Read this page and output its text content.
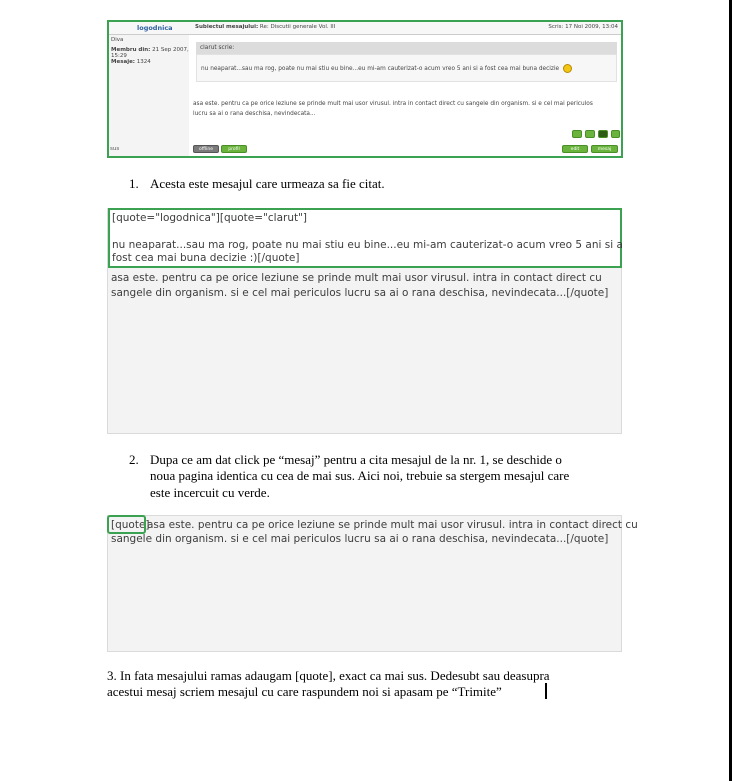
logodnica
Diva
Membru din: 21 Sep 2007, 15:29
Mesaje: 1324
Subiectul mesajului: Re: Discutii generale Vol. III	Scris: 17 Noi 2009, 13:04
clarut scrie:
nu neaparat...sau ma rog, poate nu mai stiu eu bine...eu mi-am cauterizat-o acum vreo 5 ani si a fost cea mai buna decizie
asa este. pentru ca pe orice leziune se prinde mult mai usor virusul. intra in contact direct cu sangele din organism. si e cel mai periculos
lucru sa ai o rana deschisa, nevindecata...
sus	offline	profil	edit	mesaj
1. Acesta este mesajul care urmeaza sa fie citat.
asa este. pentru ca pe orice leziune se prinde mult mai usor virusul. intra in contact direct cu
sangele din organism. si e cel mai periculos lucru sa ai o rana deschisa, nevindecata...[/quote]
[quote="logodnica"][quote="clarut"]
nu neaparat...sau ma rog, poate nu mai stiu eu bine...eu mi-am cauterizat-o acum vreo 5 ani si a
fost cea mai buna decizie :)[/quote]
2. Dupa ce am dat click pe “mesaj” pentru a cita mesajul de la nr. 1, se deschide o
noua pagina identica cu cea de mai sus. Aici noi, trebuie sa stergem mesajul care
este incercuit cu verde.
[quote]
asa este. pentru ca pe orice leziune se prinde mult mai usor virusul. intra in contact direct cu
sangele din organism. si e cel mai periculos lucru sa ai o rana deschisa, nevindecata...[/quote]
3. In fata mesajului ramas adaugam [quote], exact ca mai sus. Dedesubt sau deasupra
acestui mesaj scriem mesajul cu care raspundem noi si apasam pe “Trimite”
